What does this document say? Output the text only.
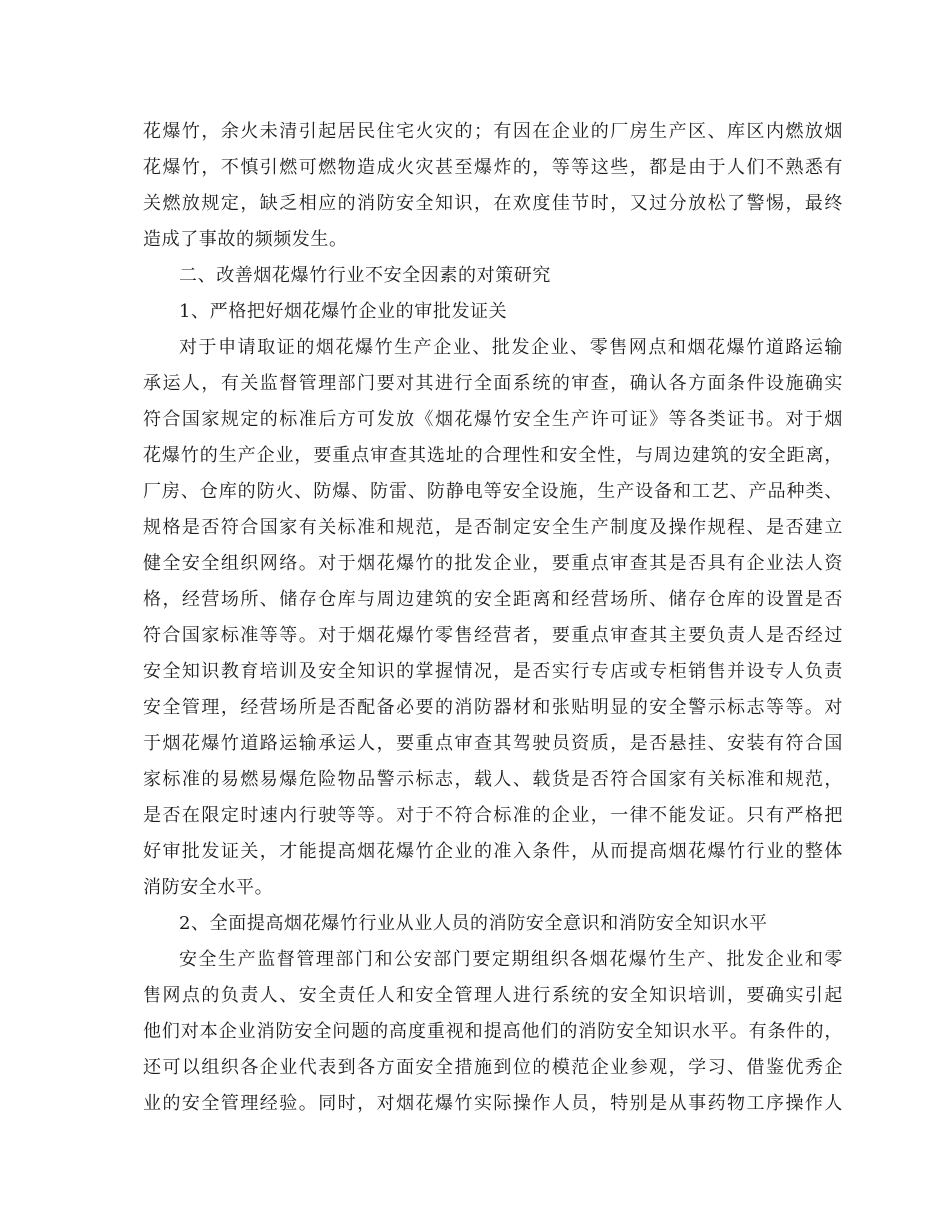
花爆竹，余火未清引起居民住宅火灾的；有因在企业的厂房生产区、库区内燃放烟
花爆竹，不慎引燃可燃物造成火灾甚至爆炸的，等等这些，都是由于人们不熟悉有
关燃放规定，缺乏相应的消防安全知识，在欢度佳节时，又过分放松了警惕，最终
造成了事故的频频发生。
二、改善烟花爆竹行业不安全因素的对策研究
1、严格把好烟花爆竹企业的审批发证关
对于申请取证的烟花爆竹生产企业、批发企业、零售网点和烟花爆竹道路运输
承运人，有关监督管理部门要对其进行全面系统的审查，确认各方面条件设施确实
符合国家规定的标准后方可发放《烟花爆竹安全生产许可证》等各类证书。对于烟
花爆竹的生产企业，要重点审查其选址的合理性和安全性，与周边建筑的安全距离，
厂房、仓库的防火、防爆、防雷、防静电等安全设施，生产设备和工艺、产品种类、
规格是否符合国家有关标准和规范，是否制定安全生产制度及操作规程、是否建立
健全安全组织网络。对于烟花爆竹的批发企业，要重点审查其是否具有企业法人资
格，经营场所、储存仓库与周边建筑的安全距离和经营场所、储存仓库的设置是否
符合国家标准等等。对于烟花爆竹零售经营者，要重点审查其主要负责人是否经过
安全知识教育培训及安全知识的掌握情况，是否实行专店或专柜销售并设专人负责
安全管理，经营场所是否配备必要的消防器材和张贴明显的安全警示标志等等。对
于烟花爆竹道路运输承运人，要重点审查其驾驶员资质，是否悬挂、安装有符合国
家标准的易燃易爆危险物品警示标志，载人、载货是否符合国家有关标准和规范，
是否在限定时速内行驶等等。对于不符合标准的企业，一律不能发证。只有严格把
好审批发证关，才能提高烟花爆竹企业的准入条件，从而提高烟花爆竹行业的整体
消防安全水平。
2、全面提高烟花爆竹行业从业人员的消防安全意识和消防安全知识水平
安全生产监督管理部门和公安部门要定期组织各烟花爆竹生产、批发企业和零
售网点的负责人、安全责任人和安全管理人进行系统的安全知识培训，要确实引起
他们对本企业消防安全问题的高度重视和提高他们的消防安全知识水平。有条件的，
还可以组织各企业代表到各方面安全措施到位的模范企业参观，学习、借鉴优秀企
业的安全管理经验。同时，对烟花爆竹实际操作人员，特别是从事药物工序操作人
